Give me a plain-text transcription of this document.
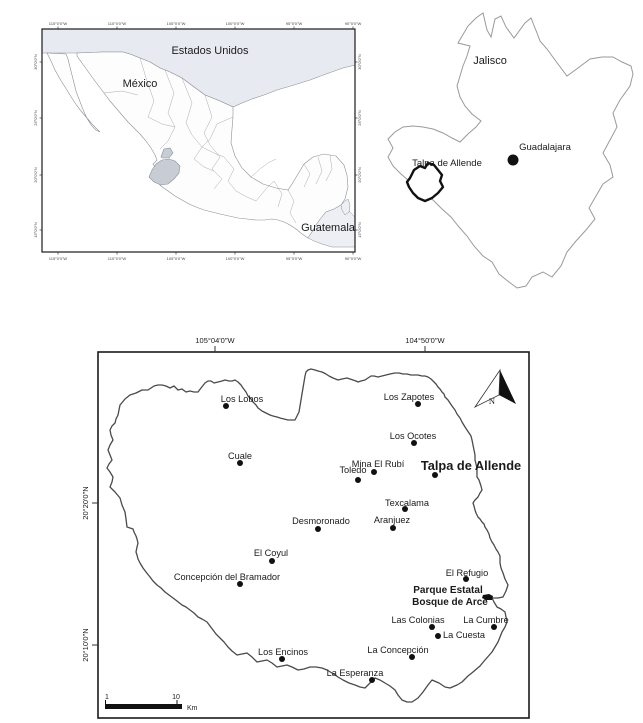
Estados Unidos
México
Guatemala
115°0'0"W
115°0'0"W
110°0'0"W
110°0'0"W
105°0'0"W
105°0'0"W
100°0'0"W
100°0'0"W
95°0'0"W
95°0'0"W
90°0'0"W
90°0'0"W
30°0'0"N	30°0'0"N
25°0'0"N	25°0'0"N
20°0'0"N	20°0'0"N
15°0'0"N	15°0'0"N
Jalisco
Guadalajara
Talpa de Allende
105°04'0"W	104°50'0"W
20°20'0"N
20°10'0"N
Los Lobos	Los Zapotes
Los Ocotes
Cuale
Mina El Rubí
Toledo	Talpa de Allende
Texcalama
Aranjuez
Desmoronado
El Coyul
Concepción del Bramador	El Refugio
Las Colonias La Cumbre
La Cuesta
La Concepción
Los Encinos
La Esperanza
Parque Estatal
Bosque de Arce
N
1	10
Km
